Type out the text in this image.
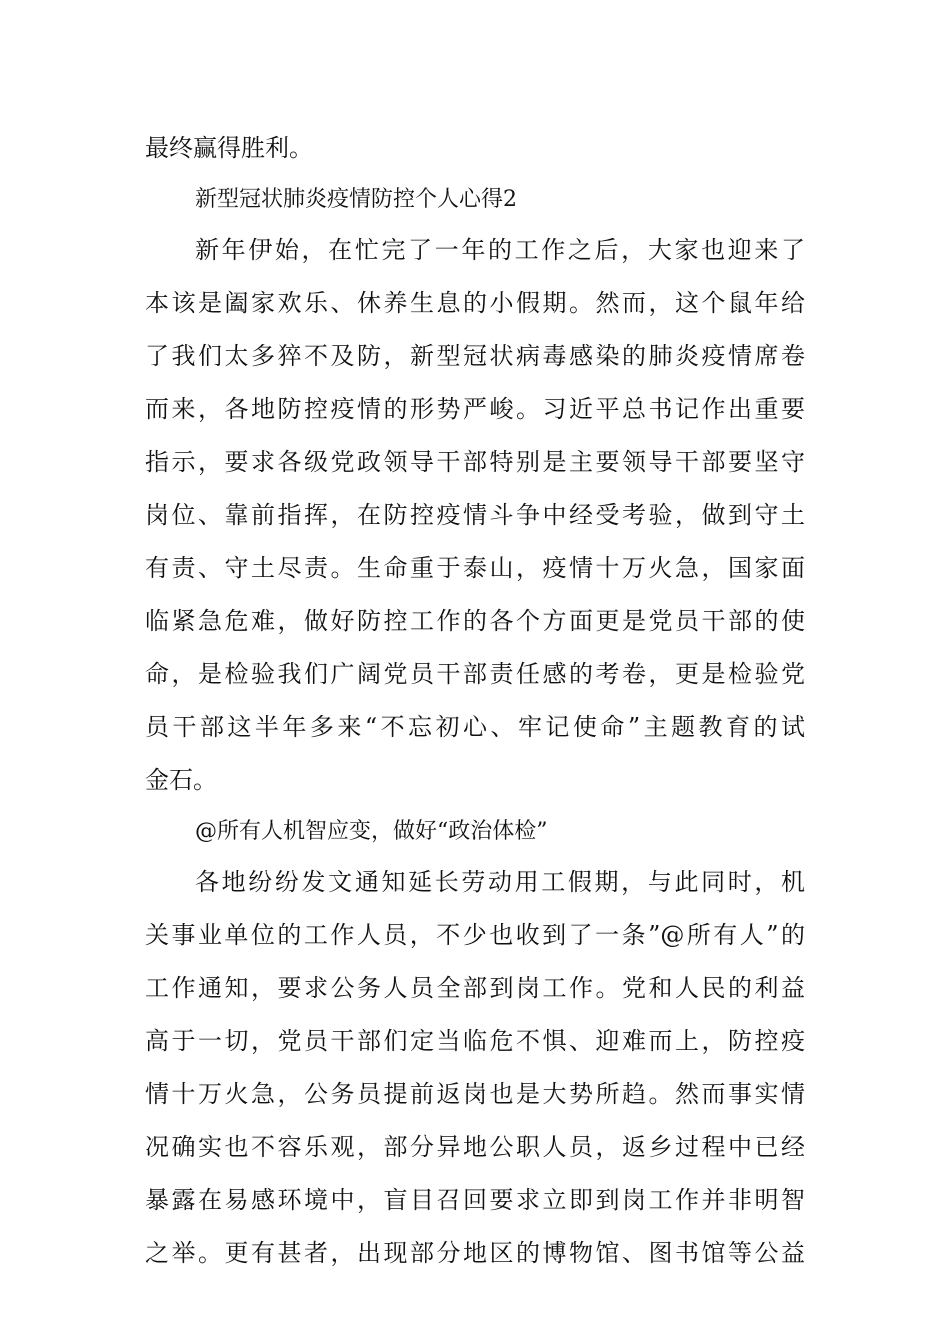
最终赢得胜利。
新型冠状肺炎疫情防控个人心得2
新年伊始，在忙完了一年的工作之后，大家也迎来了
本该是阖家欢乐、休养生息的小假期。然而，这个鼠年给
了我们太多猝不及防，新型冠状病毒感染的肺炎疫情席卷
而来，各地防控疫情的形势严峻。习近平总书记作出重要
指示，要求各级党政领导干部特别是主要领导干部要坚守
岗位、靠前指挥，在防控疫情斗争中经受考验，做到守土
有责、守土尽责。生命重于泰山，疫情十万火急，国家面
临紧急危难，做好防控工作的各个方面更是党员干部的使
命，是检验我们广阔党员干部责任感的考卷，更是检验党
员干部这半年多来“不忘初心、牢记使命”主题教育的试
金石。
@所有人机智应变，做好“政治体检”
各地纷纷发文通知延长劳动用工假期，与此同时，机
关事业单位的工作人员，不少也收到了一条”@所有人”的
工作通知，要求公务人员全部到岗工作。党和人民的利益
高于一切，党员干部们定当临危不惧、迎难而上，防控疫
情十万火急，公务员提前返岗也是大势所趋。然而事实情
况确实也不容乐观，部分异地公职人员，返乡过程中已经
暴露在易感环境中，盲目召回要求立即到岗工作并非明智
之举。更有甚者，出现部分地区的博物馆、图书馆等公益
